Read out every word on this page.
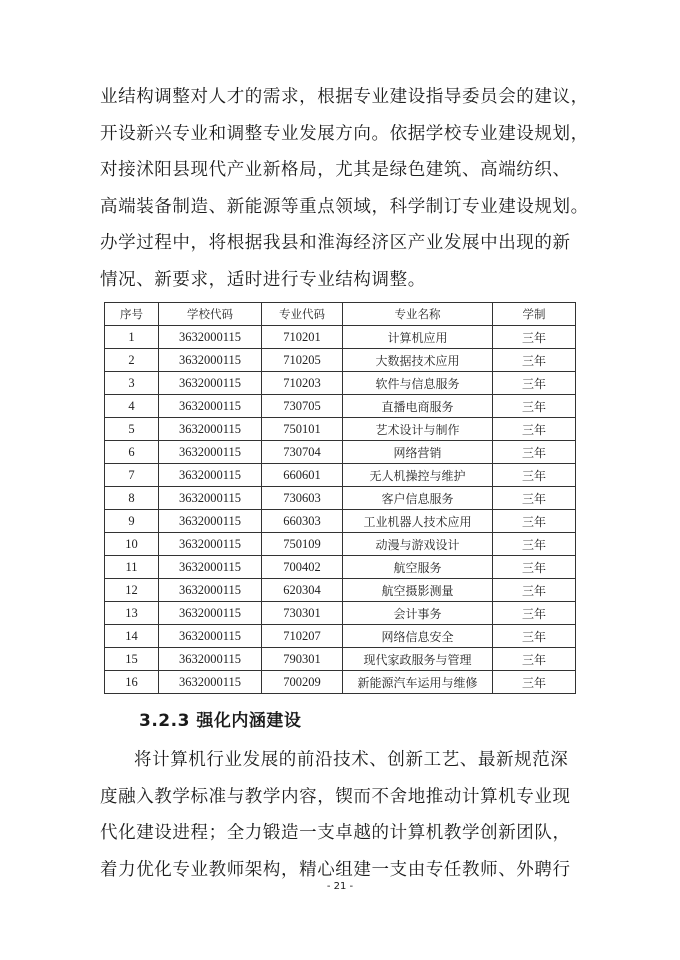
业结构调整对人才的需求，根据专业建设指导委员会的建议，
开设新兴专业和调整专业发展方向。依据学校专业建设规划，
对接沭阳县现代产业新格局，尤其是绿色建筑、高端纺织、
高端装备制造、新能源等重点领域，科学制订专业建设规划。
办学过程中，将根据我县和淮海经济区产业发展中出现的新
情况、新要求，适时进行专业结构调整。
序号	学校代码	专业代码	专业名称	学制
1	3632000115	710201	计算机应用	三年
2	3632000115	710205	大数据技术应用	三年
3	3632000115	710203	软件与信息服务	三年
4	3632000115	730705	直播电商服务	三年
5	3632000115	750101	艺术设计与制作	三年
6	3632000115	730704	网络营销	三年
7	3632000115	660601	无人机操控与维护	三年
8	3632000115	730603	客户信息服务	三年
9	3632000115	660303	工业机器人技术应用	三年
10	3632000115	750109	动漫与游戏设计	三年
11	3632000115	700402	航空服务	三年
12	3632000115	620304	航空摄影测量	三年
13	3632000115	730301	会计事务	三年
14	3632000115	710207	网络信息安全	三年
15	3632000115	790301	现代家政服务与管理	三年
16	3632000115	700209	新能源汽车运用与维修	三年
3.2.3 强化内涵建设
将计算机行业发展的前沿技术、创新工艺、最新规范深
度融入教学标准与教学内容，锲而不舍地推动计算机专业现
代化建设进程；全力锻造一支卓越的计算机教学创新团队，
着力优化专业教师架构，精心组建一支由专任教师、外聘行
- 21 -
